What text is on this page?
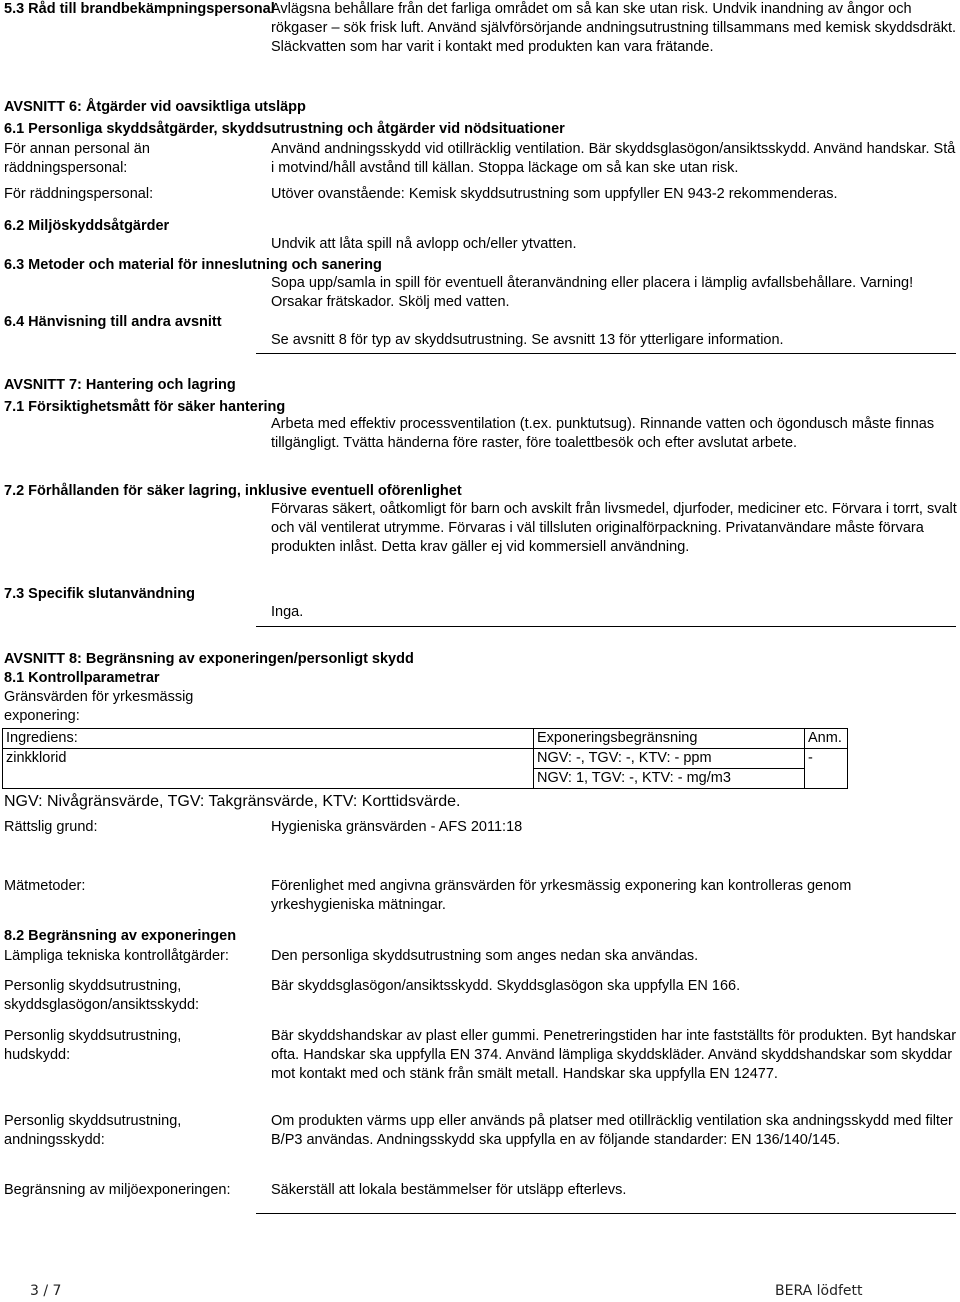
5.3 Råd till brandbekämpningspersonal
Avlägsna behållare från det farliga området om så kan ske utan risk. Undvik inandning av ångor och rökgaser – sök frisk luft. Använd självförsörjande andningsutrustning tillsammans med kemisk skyddsdräkt. Släckvatten som har varit i kontakt med produkten kan vara frätande.
AVSNITT 6: Åtgärder vid oavsiktliga utsläpp
6.1 Personliga skyddsåtgärder, skyddsutrustning och åtgärder vid nödsituationer
För annan personal än räddningspersonal:
Använd andningsskydd vid otillräcklig ventilation. Bär skyddsglasögon/ansiktsskydd. Använd handskar. Stå i motvind/håll avstånd till källan. Stoppa läckage om så kan ske utan risk.
För räddningspersonal:	Utöver ovanstående: Kemisk skyddsutrustning som uppfyller EN 943-2 rekommenderas.
6.2 Miljöskyddsåtgärder
Undvik att låta spill nå avlopp och/eller ytvatten.
6.3 Metoder och material för inneslutning och sanering
Sopa upp/samla in spill för eventuell återanvändning eller placera i lämplig avfallsbehållare. Varning! Orsakar frätskador. Skölj med vatten.
6.4 Hänvisning till andra avsnitt
Se avsnitt 8 för typ av skyddsutrustning. Se avsnitt 13 för ytterligare information.
AVSNITT 7: Hantering och lagring
7.1 Försiktighetsmått för säker hantering
Arbeta med effektiv processventilation (t.ex. punktutsug). Rinnande vatten och ögondusch måste finnas tillgängligt. Tvätta händerna före raster, före toalettbesök och efter avslutat arbete.
7.2 Förhållanden för säker lagring, inklusive eventuell oförenlighet
Förvaras säkert, oåtkomligt för barn och avskilt från livsmedel, djurfoder, mediciner etc. Förvara i torrt, svalt och väl ventilerat utrymme. Förvaras i väl tillsluten originalförpackning. Privatanvändare måste förvara produkten inlåst. Detta krav gäller ej vid kommersiell användning.
7.3 Specifik slutanvändning
Inga.
AVSNITT 8: Begränsning av exponeringen/personligt skydd
8.1 Kontrollparametrar
Gränsvärden för yrkesmässig exponering:
Ingrediens:	Exponeringsbegränsning	Anm.
zinkklorid	NGV: -, TGV: -, KTV: - ppm
NGV: 1, TGV: -, KTV: - mg/m3	-
NGV: Nivågränsvärde, TGV: Takgränsvärde, KTV: Korttidsvärde.
Rättslig grund:	Hygieniska gränsvärden - AFS 2011:18
Mätmetoder:	Förenlighet med angivna gränsvärden för yrkesmässig exponering kan kontrolleras genom yrkeshygieniska mätningar.
8.2 Begränsning av exponeringen
Lämpliga tekniska kontrollåtgärder:	Den personliga skyddsutrustning som anges nedan ska användas.
Personlig skyddsutrustning, skyddsglasögon/ansiktsskydd:
Bär skyddsglasögon/ansiktsskydd. Skyddsglasögon ska uppfylla EN 166.
Personlig skyddsutrustning, hudskydd:
Bär skyddshandskar av plast eller gummi. Penetreringstiden har inte fastställts för produkten. Byt handskar ofta. Handskar ska uppfylla EN 374. Använd lämpliga skyddskläder. Använd skyddshandskar som skyddar mot kontakt med och stänk från smält metall. Handskar ska uppfylla EN 12477.
Personlig skyddsutrustning, andningsskydd:
Om produkten värms upp eller används på platser med otillräcklig ventilation ska andningsskydd med filter B/P3 användas. Andningsskydd ska uppfylla en av följande standarder: EN 136/140/145.
Begränsning av miljöexponeringen:	Säkerställ att lokala bestämmelser för utsläpp efterlevs.
3 / 7	BERA lödfett
